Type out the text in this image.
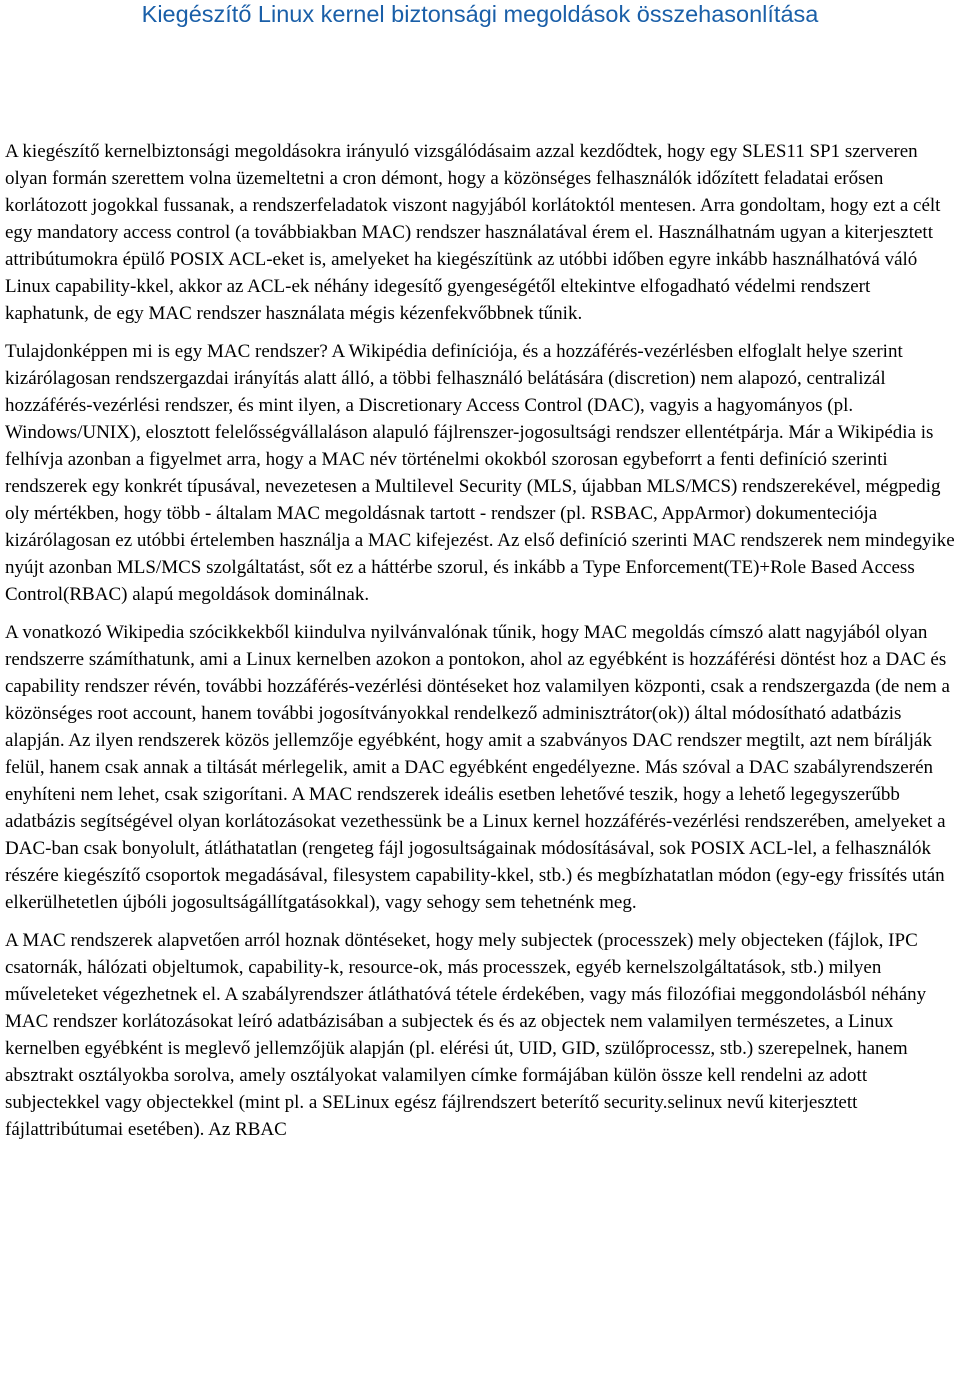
Kiegészítő Linux kernel biztonsági megoldások összehasonlítása

A kiegészítő kernelbiztonsági megoldásokra irányuló vizsgálódásaim azzal kezdődtek, hogy egy SLES11 SP1 szerveren olyan formán szerettem volna üzemeltetni a cron démont, hogy a közönséges felhasználók időzített feladatai erősen korlátozott jogokkal fussanak, a rendszerfeladatok viszont nagyjából korlátoktól mentesen. Arra gondoltam, hogy ezt a célt egy mandatory access control (a továbbiakban MAC) rendszer használatával érem el. Használhatnám ugyan a kiterjesztett attribútumokra épülő POSIX ACL-eket is, amelyeket ha kiegészítünk az utóbbi időben egyre inkább használhatóvá váló Linux capability-kkel, akkor az ACL-ek néhány idegesítő gyengeségétől eltekintve elfogadható védelmi rendszert kaphatunk, de egy MAC rendszer használata mégis kézenfekvőbbnek tűnik.

Tulajdonképpen mi is egy MAC rendszer? A Wikipédia definíciója, és a hozzáférés-vezérlésben elfoglalt helye szerint kizárólagosan rendszergazdai irányítás alatt álló, a többi felhasználó belátására (discretion) nem alapozó, centralizál hozzáférés-vezérlési rendszer, és mint ilyen, a Discretionary Access Control (DAC), vagyis a hagyományos (pl. Windows/UNIX), elosztott felelősségvállaláson alapuló fájlrenszer-jogosultsági rendszer ellentétpárja. Már a Wikipédia is felhívja azonban a figyelmet arra, hogy a MAC név történelmi okokból szorosan egybeforrt a fenti definíció szerinti rendszerek egy konkrét típusával, nevezetesen a Multilevel Security (MLS, újabban MLS/MCS) rendszerekével, mégpedig oly mértékben, hogy több - általam MAC megoldásnak tartott - rendszer (pl. RSBAC, AppArmor) dokumenteciója kizárólagosan ez utóbbi értelemben használja a MAC kifejezést. Az első definíció szerinti MAC rendszerek nem mindegyike nyújt azonban MLS/MCS szolgáltatást, sőt ez a háttérbe szorul, és inkább a Type Enforcement(TE)+Role Based Access Control(RBAC) alapú megoldások dominálnak.

A vonatkozó Wikipedia szócikkekből kiindulva nyilvánvalónak tűnik, hogy MAC megoldás címszó alatt nagyjából olyan rendszerre számíthatunk, ami a Linux kernelben azokon a pontokon, ahol az egyébként is hozzáférési döntést hoz a DAC és capability rendszer révén, további hozzáférés-vezérlési döntéseket hoz valamilyen központi, csak a rendszergazda (de nem a közönséges root account, hanem további jogosítványokkal rendelkező adminisztrátor(ok)) által módosítható adatbázis alapján. Az ilyen rendszerek közös jellemzője egyébként, hogy amit a szabványos DAC rendszer megtilt, azt nem bírálják felül, hanem csak annak a tiltását mérlegelik, amit a DAC egyébként engedélyezne. Más szóval a DAC szabályrendszerén enyhíteni nem lehet, csak szigorítani. A MAC rendszerek ideális esetben lehetővé teszik, hogy a lehető legegyszerűbb adatbázis segítségével olyan korlátozásokat vezethessünk be a Linux kernel hozzáférés-vezérlési rendszerében, amelyeket a DAC-ban csak bonyolult, átláthatatlan (rengeteg fájl jogosultságainak módosításával, sok POSIX ACL-lel, a felhasználók részére kiegészítő csoportok megadásával, filesystem capability-kkel, stb.) és megbízhatatlan módon (egy-egy frissítés után elkerülhetetlen újbóli jogosultságállítgatásokkal), vagy sehogy sem tehetnénk meg.

A MAC rendszerek alapvetően arról hoznak döntéseket, hogy mely subjectek (processzek) mely objecteken (fájlok, IPC csatornák, hálózati objeltumok, capability-k, resource-ok, más processzek, egyéb kernelszolgáltatások, stb.) milyen műveleteket végezhetnek el. A szabályrendszer átláthatóvá tétele érdekében, vagy más filozófiai meggondolásból néhány MAC rendszer korlátozásokat leíró adatbázisában a subjectek és és az objectek nem valamilyen természetes, a Linux kernelben egyébként is meglevő jellemzőjük alapján (pl. elérési út, UID, GID, szülőprocessz, stb.) szerepelnek, hanem absztrakt osztályokba sorolva, amely osztályokat valamilyen címke formájában külön össze kell rendelni az adott subjectekkel vagy objectekkel (mint pl. a SELinux egész fájlrendszert beterítő security.selinux nevű kiterjesztett fájlattribútumai esetében). Az RBAC
